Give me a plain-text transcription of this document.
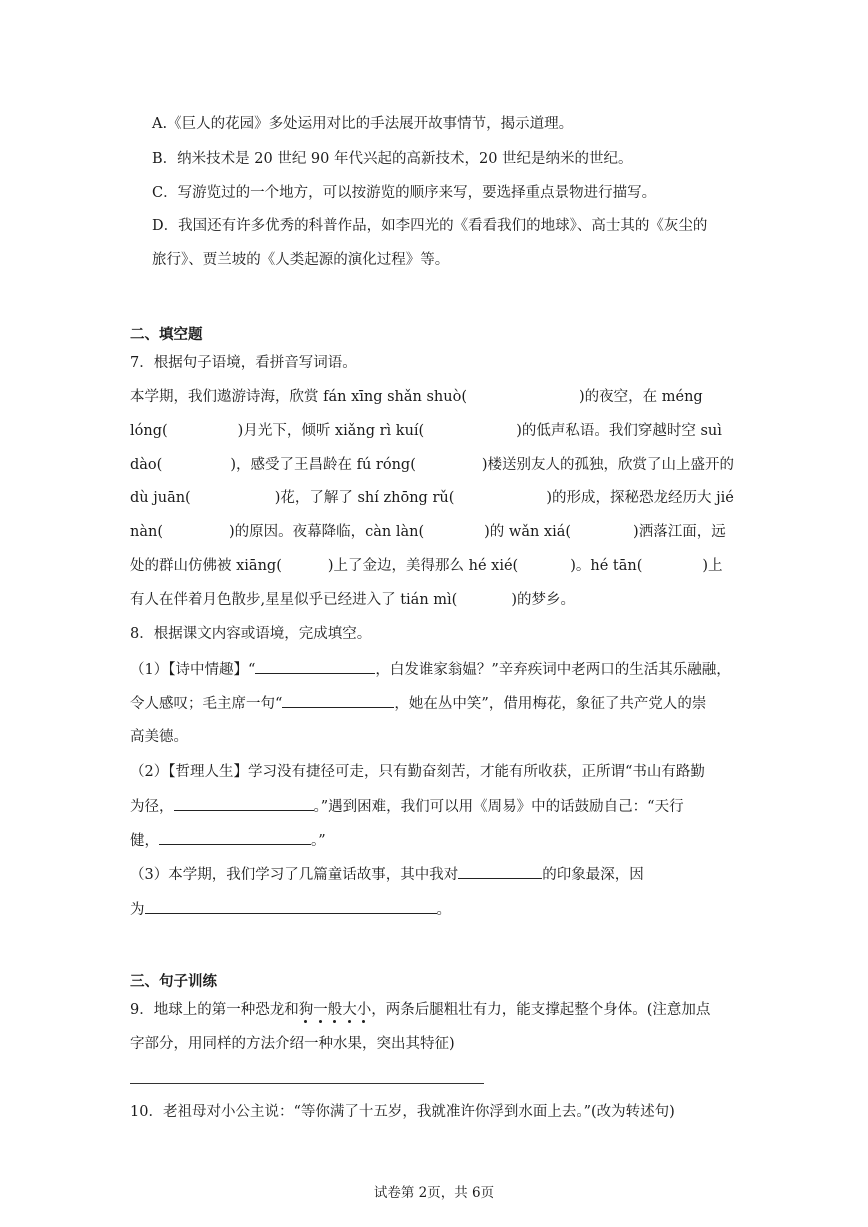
A.《巨人的花园》多处运用对比的手法展开故事情节，揭示道理。
B．纳米技术是 20 世纪 90 年代兴起的高新技术，20 世纪是纳米的世纪。
C．写游览过的一个地方，可以按游览的顺序来写，要选择重点景物进行描写。
D．我国还有许多优秀的科普作品，如李四光的《看看我们的地球》、高士其的《灰尘的
旅行》、贾兰坡的《人类起源的演化过程》等。
二、填空题
7．根据句子语境，看拼音写词语。
本学期，我们遨游诗海，欣赏 fán xīng shǎn shuò(	)的夜空，在 méng
lóng(	)月光下，倾听 xiǎng rì kuí(	)的低声私语。我们穿越时空 suì
dào(	)，感受了王昌龄在 fú róng(	)楼送别友人的孤独，欣赏了山上盛开的
dù juān(	)花，了解了 shí zhōng rǔ(	)的形成，探秘恐龙经历大 jié
nàn(	)的原因。夜幕降临，càn làn(	)的 wǎn xiá(	)洒落江面，远
处的群山仿佛被 xiāng(	)上了金边，美得那么 hé xié(	)。hé tān(	)上
有人在伴着月色散步,星星似乎已经进入了 tián mì(	)的梦乡。
8．根据课文内容或语境，完成填空。
（1）【诗中情趣】“	，白发谁家翁媪？”辛弃疾词中老两口的生活其乐融融，
令人感叹；毛主席一句“	，她在丛中笑”，借用梅花，象征了共产党人的崇
高美德。
（2）【哲理人生】学习没有捷径可走，只有勤奋刻苦，才能有所收获，正所谓“书山有路勤
为径，	。”遇到困难，我们可以用《周易》中的话鼓励自己：“天行
健，	。”
（3）本学期，我们学习了几篇童话故事，其中我对	的印象最深，因
为	。
三、句子训练
9．地球上的第一种恐龙和狗一般大小，两条后腿粗壮有力，能支撑起整个身体。(注意加点
字部分，用同样的方法介绍一种水果，突出其特征)
10．老祖母对小公主说：“等你满了十五岁，我就准许你浮到水面上去。”(改为转述句)
试卷第 2页，共 6页
